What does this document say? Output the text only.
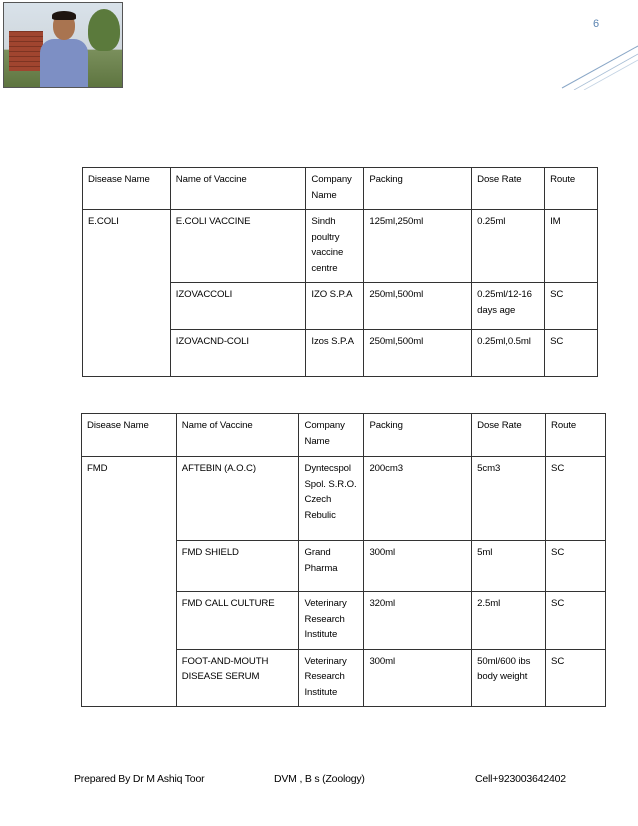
6
Disease Name	Name of Vaccine	Company Name	Packing	Dose Rate	Route
E.COLI	E.COLI VACCINE	Sindh poultry vaccine centre	125ml,250ml	0.25ml	IM
	IZOVACCOLI	IZO S.P.A	250ml,500ml	0.25ml/12-16 days age	SC
	IZOVACND-COLI	Izos S.P.A	250ml,500ml	0.25ml,0.5ml	SC
Disease Name	Name of Vaccine	Company Name	Packing	Dose Rate	Route
FMD	AFTEBIN (A.O.C)	Dyntecspol Spol. S.R.O. Czech Rebulic	200cm3	5cm3	SC
	FMD SHIELD	Grand Pharma	300ml	5ml	SC
	FMD CALL CULTURE	Veterinary Research Institute	320ml	2.5ml	SC
	FOOT-AND-MOUTH DISEASE SERUM	Veterinary Research Institute	300ml	50ml/600 ibs body weight	SC
Prepared By Dr M Ashiq Toor	DVM , B s (Zoology)	Cell+923003642402
